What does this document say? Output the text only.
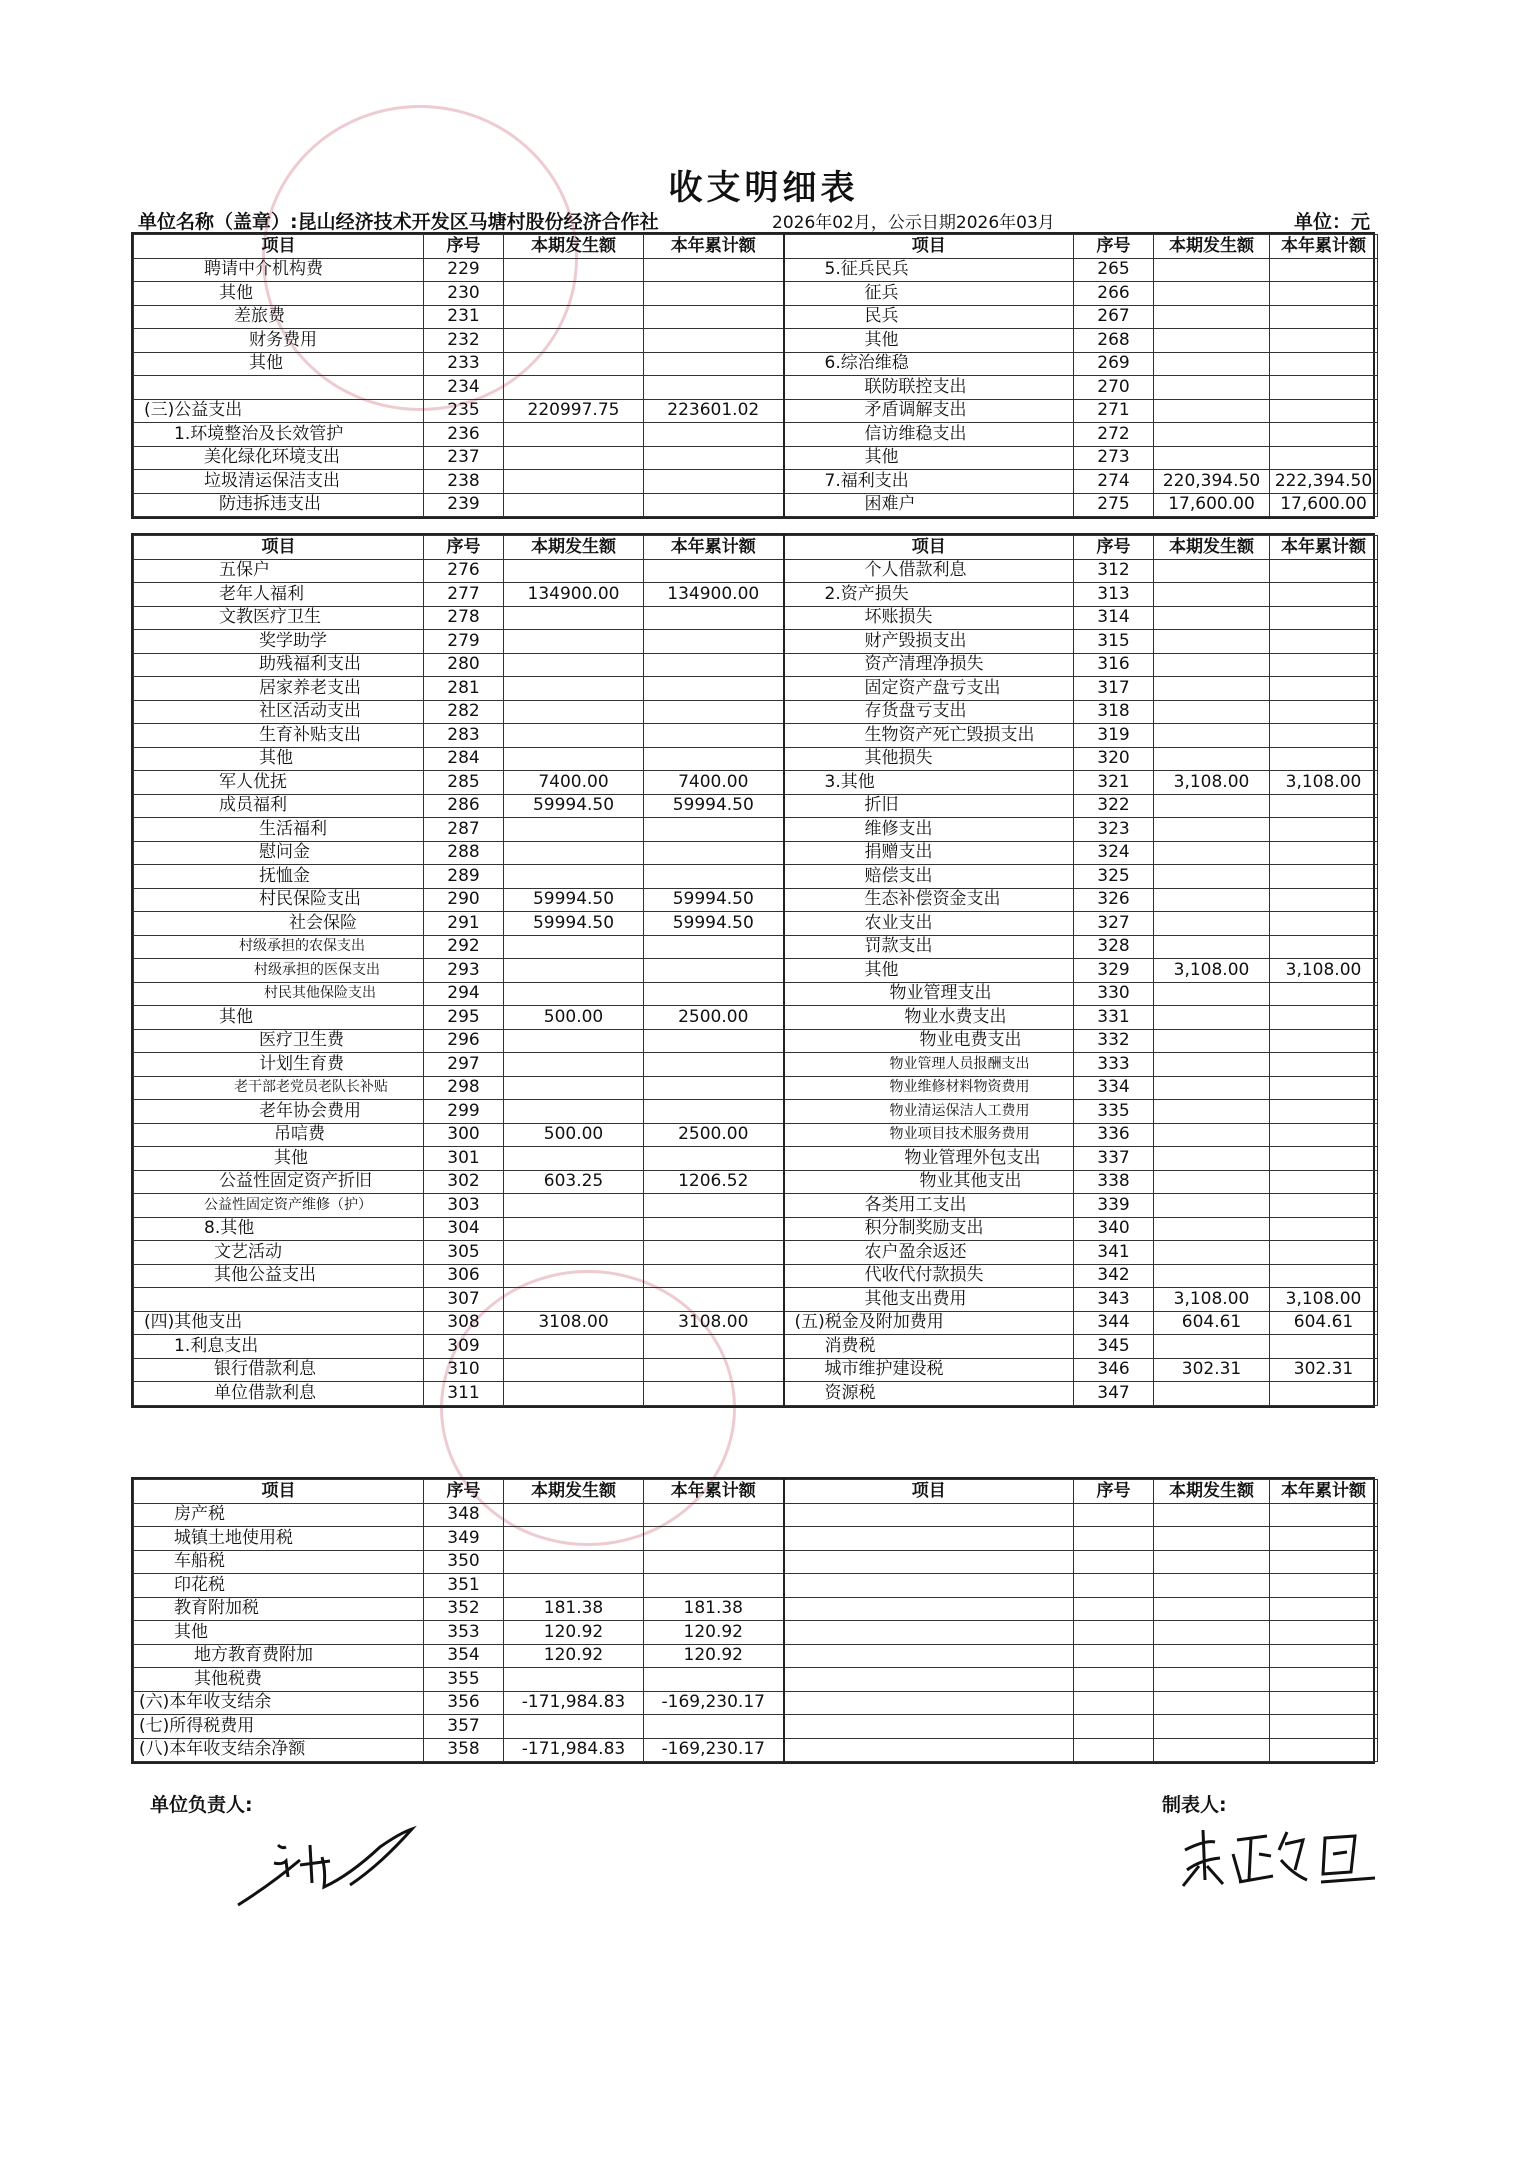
收支明细表
单位名称（盖章）:昆山经济技术开发区马塘村股份经济合作社	2026年02月，公示日期2026年03月	单位：元
项目	序号	本期发生额	本年累计额	项目	序号	本期发生额	本年累计额
聘请中介机构费	229			5.征兵民兵	265		
其他	230			征兵	266		
差旅费	231			民兵	267		
财务费用	232			其他	268		
其他	233			6.综治维稳	269		
	234			联防联控支出	270		
(三)公益支出	235	220997.75	223601.02	矛盾调解支出	271		
1.环境整治及长效管护	236			信访维稳支出	272		
美化绿化环境支出	237			其他	273		
垃圾清运保洁支出	238			7.福利支出	274	220,394.50	222,394.50
防违拆违支出	239			困难户	275	17,600.00	17,600.00
项目	序号	本期发生额	本年累计额	项目	序号	本期发生额	本年累计额
五保户	276			个人借款利息	312		
老年人福利	277	134900.00	134900.00	2.资产损失	313		
文教医疗卫生	278			坏账损失	314		
奖学助学	279			财产毁损支出	315		
助残福利支出	280			资产清理净损失	316		
居家养老支出	281			固定资产盘亏支出	317		
社区活动支出	282			存货盘亏支出	318		
生育补贴支出	283			生物资产死亡毁损支出	319		
其他	284			其他损失	320		
军人优抚	285	7400.00	7400.00	3.其他	321	3,108.00	3,108.00
成员福利	286	59994.50	59994.50	折旧	322		
生活福利	287			维修支出	323		
慰问金	288			捐赠支出	324		
抚恤金	289			赔偿支出	325		
村民保险支出	290	59994.50	59994.50	生态补偿资金支出	326		
社会保险	291	59994.50	59994.50	农业支出	327		
村级承担的农保支出	292			罚款支出	328		
村级承担的医保支出	293			其他	329	3,108.00	3,108.00
村民其他保险支出	294			物业管理支出	330		
其他	295	500.00	2500.00	物业水费支出	331		
医疗卫生费	296			物业电费支出	332		
计划生育费	297			物业管理人员报酬支出	333		
老干部老党员老队长补贴	298			物业维修材料物资费用	334		
老年协会费用	299			物业清运保洁人工费用	335		
吊唁费	300	500.00	2500.00	物业项目技术服务费用	336		
其他	301			物业管理外包支出	337		
公益性固定资产折旧	302	603.25	1206.52	物业其他支出	338		
公益性固定资产维修（护）	303			各类用工支出	339		
8.其他	304			积分制奖励支出	340		
文艺活动	305			农户盈余返还	341		
其他公益支出	306			代收代付款损失	342		
	307			其他支出费用	343	3,108.00	3,108.00
(四)其他支出	308	3108.00	3108.00	(五)税金及附加费用	344	604.61	604.61
1.利息支出	309			消费税	345		
银行借款利息	310			城市维护建设税	346	302.31	302.31
单位借款利息	311			资源税	347		
项目	序号	本期发生额	本年累计额	项目	序号	本期发生额	本年累计额
房产税	348						
城镇土地使用税	349						
车船税	350						
印花税	351						
教育附加税	352	181.38	181.38				
其他	353	120.92	120.92				
地方教育费附加	354	120.92	120.92				
其他税费	355						
(六)本年收支结余	356	-171,984.83	-169,230.17				
(七)所得税费用	357						
(八)本年收支结余净额	358	-171,984.83	-169,230.17				
单位负责人:	制表人:
